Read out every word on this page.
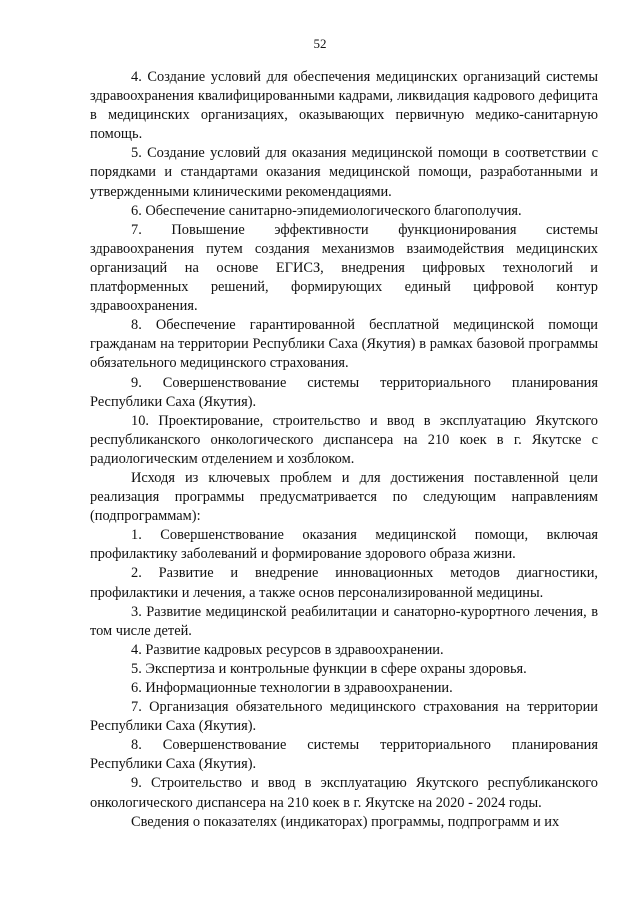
52

4. Создание условий для обеспечения медицинских организаций системы здравоохранения квалифицированными кадрами, ликвидация кадрового дефицита в медицинских организациях, оказывающих первичную медико-санитарную помощь.

5. Создание условий для оказания медицинской помощи в соответствии с порядками и стандартами оказания медицинской помощи, разработанными и утвержденными клиническими рекомендациями.

6. Обеспечение санитарно-эпидемиологического благополучия.

7. Повышение эффективности функционирования системы здравоохранения путем создания механизмов взаимодействия медицинских организаций на основе ЕГИСЗ, внедрения цифровых технологий и платформенных решений, формирующих единый цифровой контур здравоохранения.

8. Обеспечение гарантированной бесплатной медицинской помощи гражданам на территории Республики Саха (Якутия) в рамках базовой программы обязательного медицинского страхования.

9. Совершенствование системы территориального планирования Республики Саха (Якутия).

10. Проектирование, строительство и ввод в эксплуатацию Якутского республиканского онкологического диспансера на 210 коек в г. Якутске с радиологическим отделением и хозблоком.

Исходя из ключевых проблем и для достижения поставленной цели реализация программы предусматривается по следующим направлениям (подпрограммам):

1. Совершенствование оказания медицинской помощи, включая профилактику заболеваний и формирование здорового образа жизни.

2. Развитие и внедрение инновационных методов диагностики, профилактики и лечения, а также основ персонализированной медицины.

3. Развитие медицинской реабилитации и санаторно-курортного лечения, в том числе детей.

4. Развитие кадровых ресурсов в здравоохранении.

5. Экспертиза и контрольные функции в сфере охраны здоровья.

6. Информационные технологии в здравоохранении.

7. Организация обязательного медицинского страхования на территории Республики Саха (Якутия).

8. Совершенствование системы территориального планирования Республики Саха (Якутия).

9. Строительство и ввод в эксплуатацию Якутского республиканского онкологического диспансера на 210 коек в г. Якутске на 2020 - 2024 годы.

Сведения о показателях (индикаторах) программы, подпрограмм и их
